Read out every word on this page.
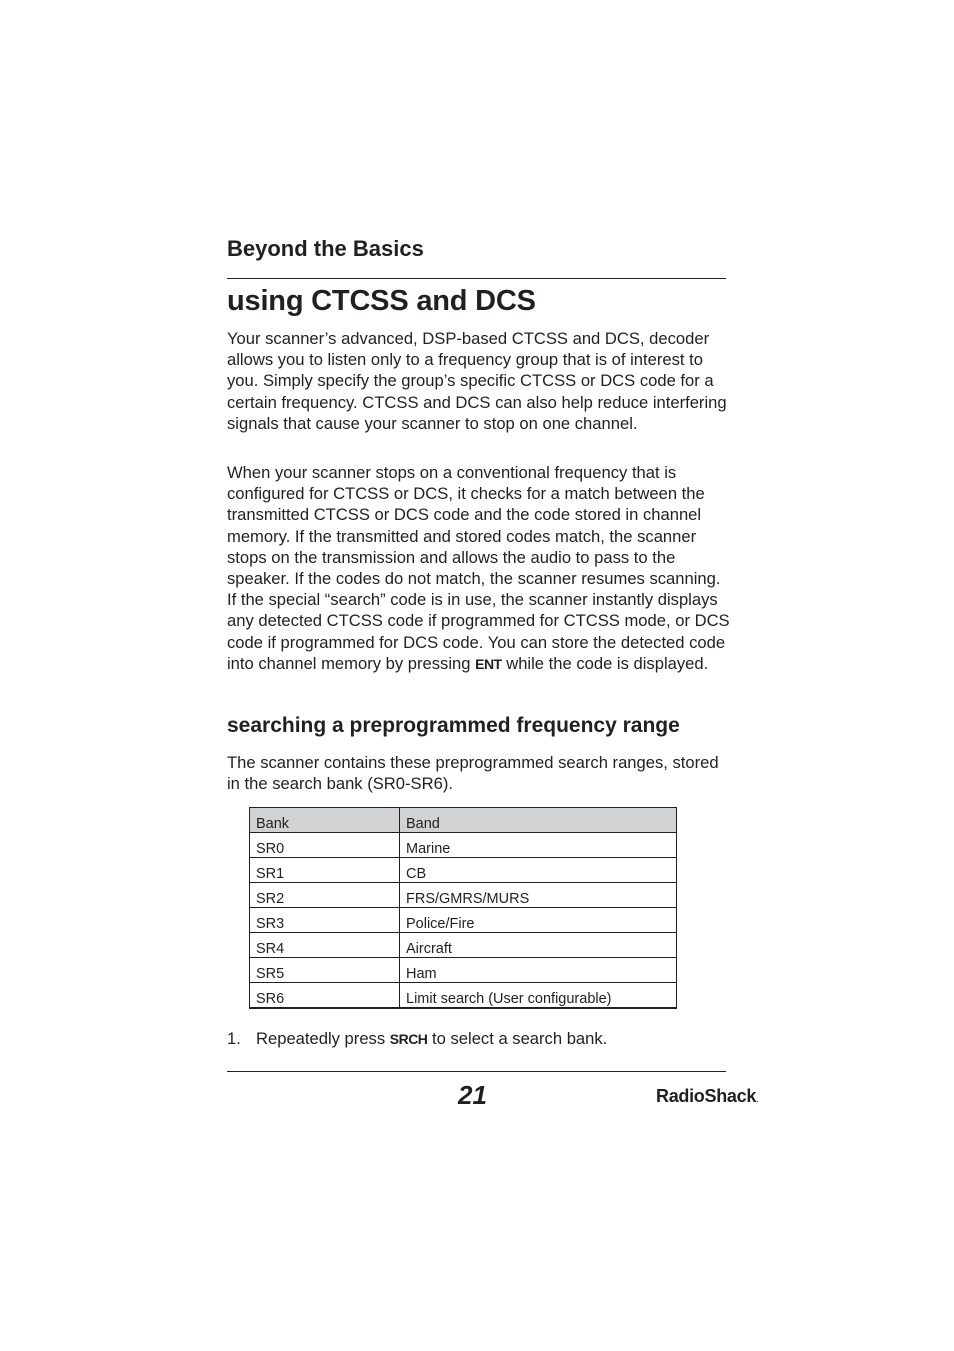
Beyond the Basics
using CTCSS and DCS

Your scanner’s advanced, DSP-based CTCSS and DCS, decoder allows you to listen only to a frequency group that is of interest to you. Simply specify the group’s specific CTCSS or DCS code for a certain frequency. CTCSS and DCS can also help reduce interfering signals that cause your scanner to stop on one channel.

When your scanner stops on a conventional frequency that is configured for CTCSS or DCS, it checks for a match between the transmitted CTCSS or DCS code and the code stored in channel memory. If the transmitted and stored codes match, the scanner stops on the transmission and allows the audio to pass to the speaker. If the codes do not match, the scanner resumes scanning. If the special “search” code is in use, the scanner instantly displays any detected CTCSS code if programmed for CTCSS mode, or DCS code if programmed for DCS code. You can store the detected code into channel memory by pressing ENT while the code is displayed.

searching a preprogrammed frequency range

The scanner contains these preprogrammed search ranges, stored in the search bank (SR0-SR6).

Bank	Band
SR0	Marine
SR1	CB
SR2	FRS/GMRS/MURS
SR3	Police/Fire
SR4	Aircraft
SR5	Ham
SR6	Limit search (User configurable)

1. Repeatedly press SRCH to select a search bank.

21	RadioShack.
